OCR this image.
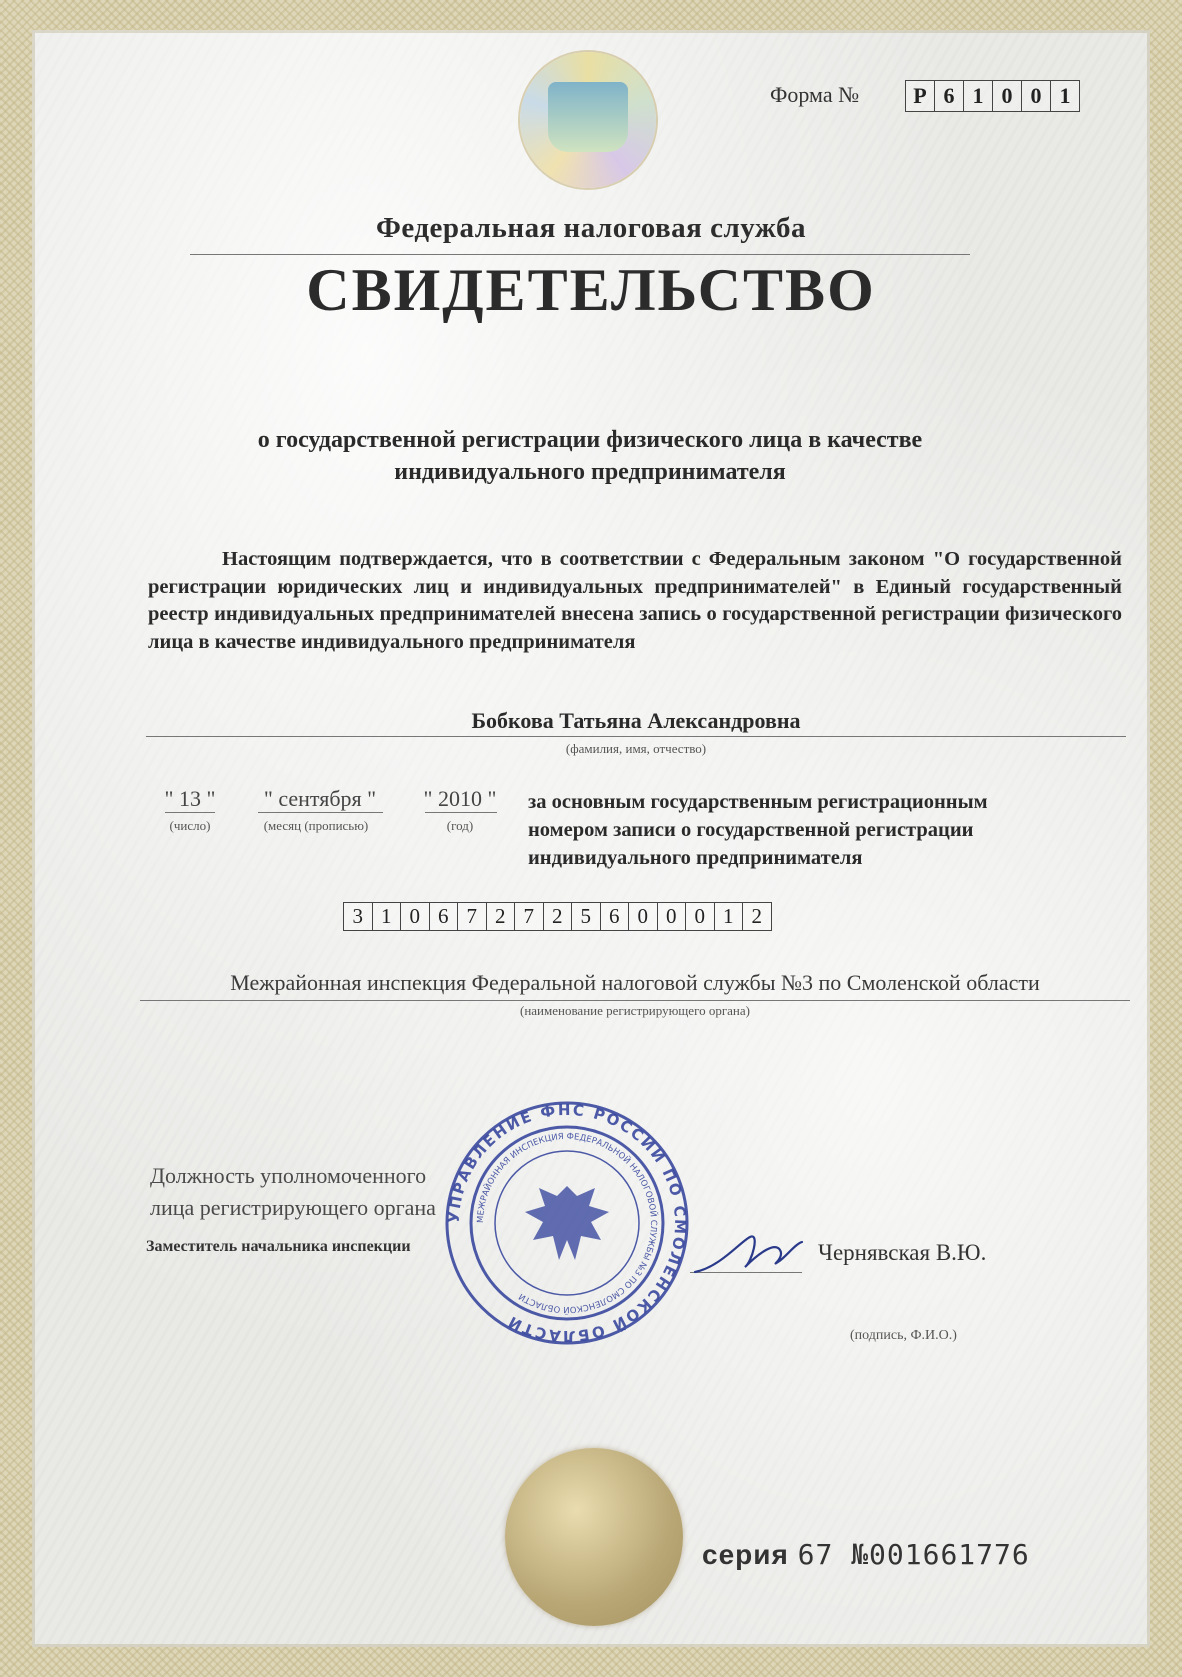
Форма №	Р 6 1 0 0 1
Федеральная налоговая служба
СВИДЕТЕЛЬСТВО
о государственной регистрации физического лица в качестве
индивидуального предпринимателя
Настоящим подтверждается, что в соответствии с Федеральным законом "О государственной регистрации юридических лиц и индивидуальных предпринимателей" в Единый государственный реестр индивидуальных предпринимателей внесена запись о государственной регистрации физического лица в качестве индивидуального предпринимателя
Бобкова Татьяна Александровна
(фамилия, имя, отчество)
" 13 "
(число)
" сентября "
(месяц (прописью)
" 2010 "
(год)
за основным государственным регистрационным
номером записи о государственной регистрации
индивидуального предпринимателя
3 1 0 6 7 2 7 2 5 6 0 0 0 1 2
Межрайонная инспекция Федеральной налоговой службы №3 по Смоленской области
(наименование регистрирующего органа)
Должность уполномоченного
лица регистрирующего органа
Заместитель начальника инспекции	Чернявская В.Ю.
(подпись, Ф.И.О.)
УПРАВЛЕНИЕ ФНС РОССИИ ПО СМОЛЕНСКОЙ ОБЛАСТИ
МЕЖРАЙОННАЯ ИНСПЕКЦИЯ ФЕДЕРАЛЬНОЙ НАЛОГОВОЙ СЛУЖБЫ №3 ПО СМОЛЕНСКОЙ ОБЛАСТИ
серия 67 №001661776
